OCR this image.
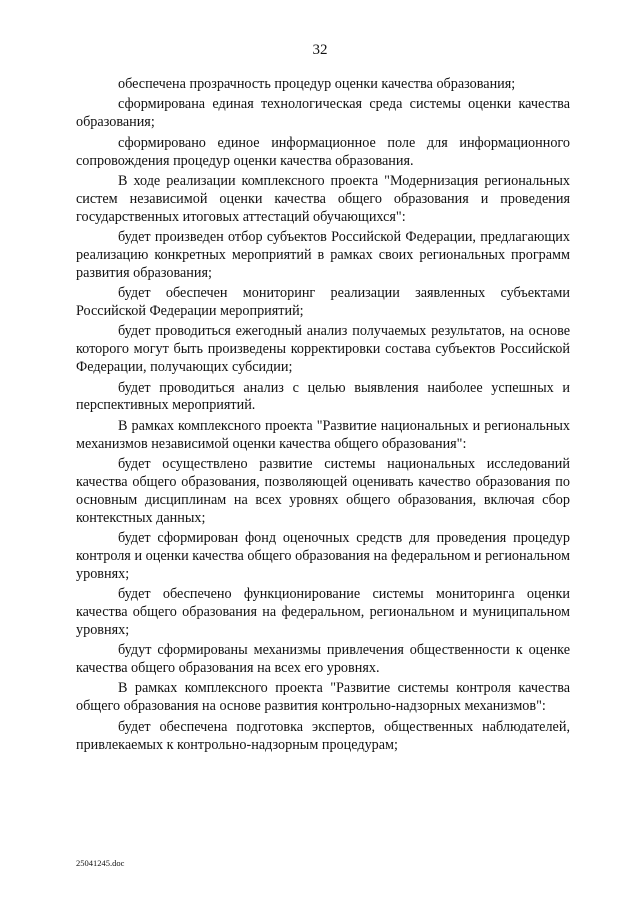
32

обеспечена прозрачность процедур оценки качества образования;

сформирована единая технологическая среда системы оценки качества образования;

сформировано единое информационное поле для информационного сопровождения процедур оценки качества образования.

В ходе реализации комплексного проекта "Модернизация региональных систем независимой оценки качества общего образования и проведения государственных итоговых аттестаций обучающихся":

будет произведен отбор субъектов Российской Федерации, предлагающих реализацию конкретных мероприятий в рамках своих региональных программ развития образования;

будет обеспечен мониторинг реализации заявленных субъектами Российской Федерации мероприятий;

будет проводиться ежегодный анализ получаемых результатов, на основе которого могут быть произведены корректировки состава субъектов Российской Федерации, получающих субсидии;

будет проводиться анализ с целью выявления наиболее успешных и перспективных мероприятий.

В рамках комплексного проекта "Развитие национальных и региональных механизмов независимой оценки качества общего образования":

будет осуществлено развитие системы национальных исследований качества общего образования, позволяющей оценивать качество образования по основным дисциплинам на всех уровнях общего образования, включая сбор контекстных данных;

будет сформирован фонд оценочных средств для проведения процедур контроля и оценки качества общего образования на федеральном и региональном уровнях;

будет обеспечено функционирование системы мониторинга оценки качества общего образования на федеральном, региональном и муниципальном уровнях;

будут сформированы механизмы привлечения общественности к оценке качества общего образования на всех его уровнях.

В рамках комплексного проекта "Развитие системы контроля качества общего образования на основе развития контрольно-надзорных механизмов":

будет обеспечена подготовка экспертов, общественных наблюдателей, привлекаемых к контрольно-надзорным процедурам;

25041245.doc
